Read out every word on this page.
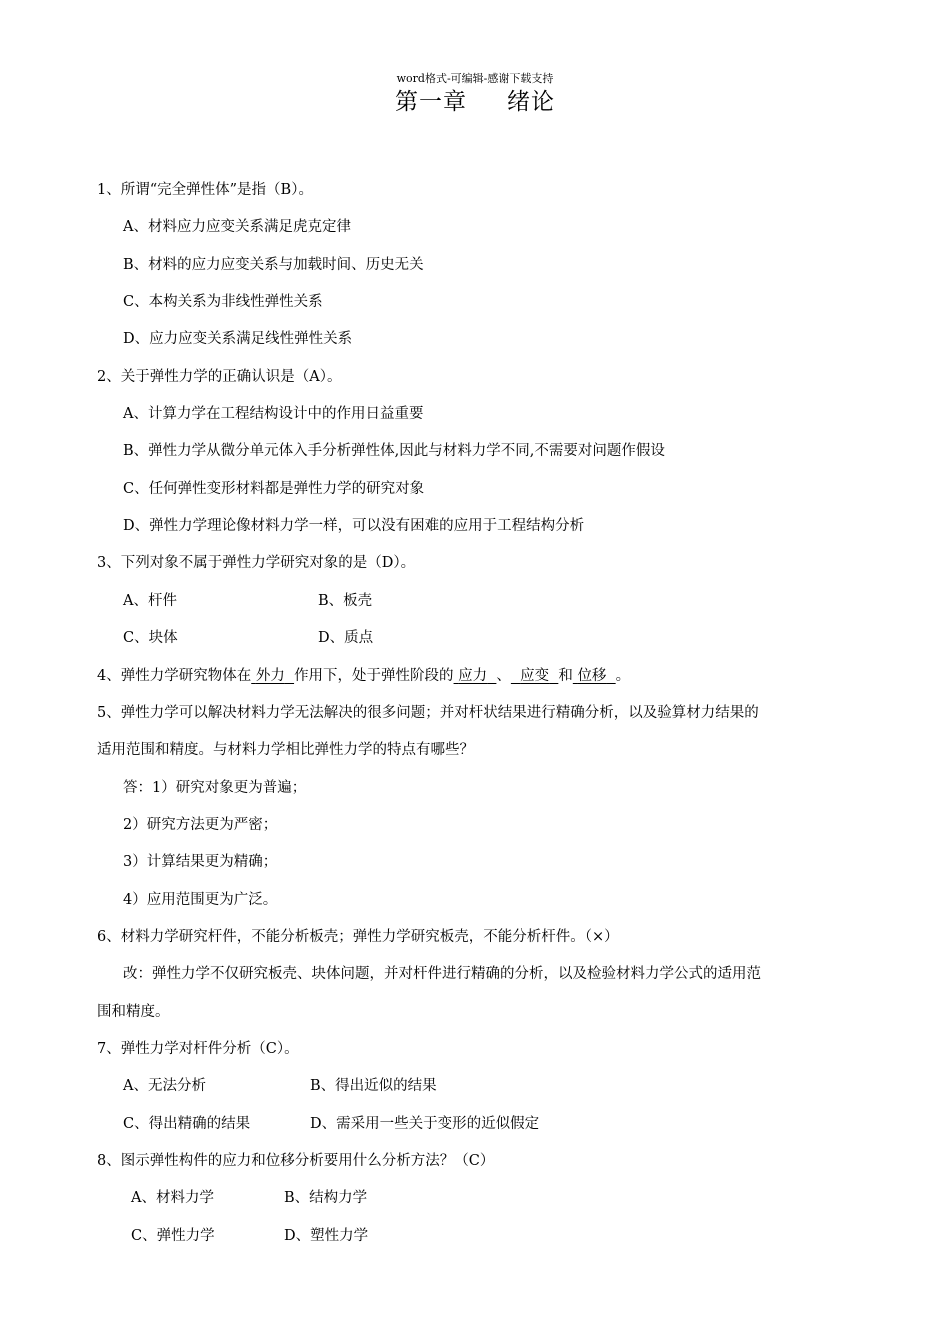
word格式-可编辑-感谢下载支持
第一章 绪论
1、所谓“完全弹性体”是指（B）。
A、材料应力应变关系满足虎克定律
B、材料的应力应变关系与加载时间、历史无关
C、本构关系为非线性弹性关系
D、应力应变关系满足线性弹性关系
2、关于弹性力学的正确认识是（A）。
A、计算力学在工程结构设计中的作用日益重要
B、弹性力学从微分单元体入手分析弹性体,因此与材料力学不同,不需要对问题作假设
C、任何弹性变形材料都是弹性力学的研究对象
D、弹性力学理论像材料力学一样，可以没有困难的应用于工程结构分析
3、下列对象不属于弹性力学研究对象的是（D）。
A、杆件	B、板壳
C、块体	D、质点
4、弹性力学研究物体在 外力 作用下，处于弹性阶段的 应力 、 应变 和 位移 。
5、弹性力学可以解决材料力学无法解决的很多问题；并对杆状结果进行精确分析，以及验算材力结果的
适用范围和精度。与材料力学相比弹性力学的特点有哪些？
答：1）研究对象更为普遍；
2）研究方法更为严密；
3）计算结果更为精确；
4）应用范围更为广泛。
6、材料力学研究杆件，不能分析板壳；弹性力学研究板壳，不能分析杆件。（×）
改：弹性力学不仅研究板壳、块体问题，并对杆件进行精确的分析，以及检验材料力学公式的适用范
围和精度。
7、弹性力学对杆件分析（C）。
A、无法分析	B、得出近似的结果
C、得出精确的结果	D、需采用一些关于变形的近似假定
8、图示弹性构件的应力和位移分析要用什么分析方法？（C）
A、材料力学	B、结构力学
C、弹性力学	D、塑性力学
